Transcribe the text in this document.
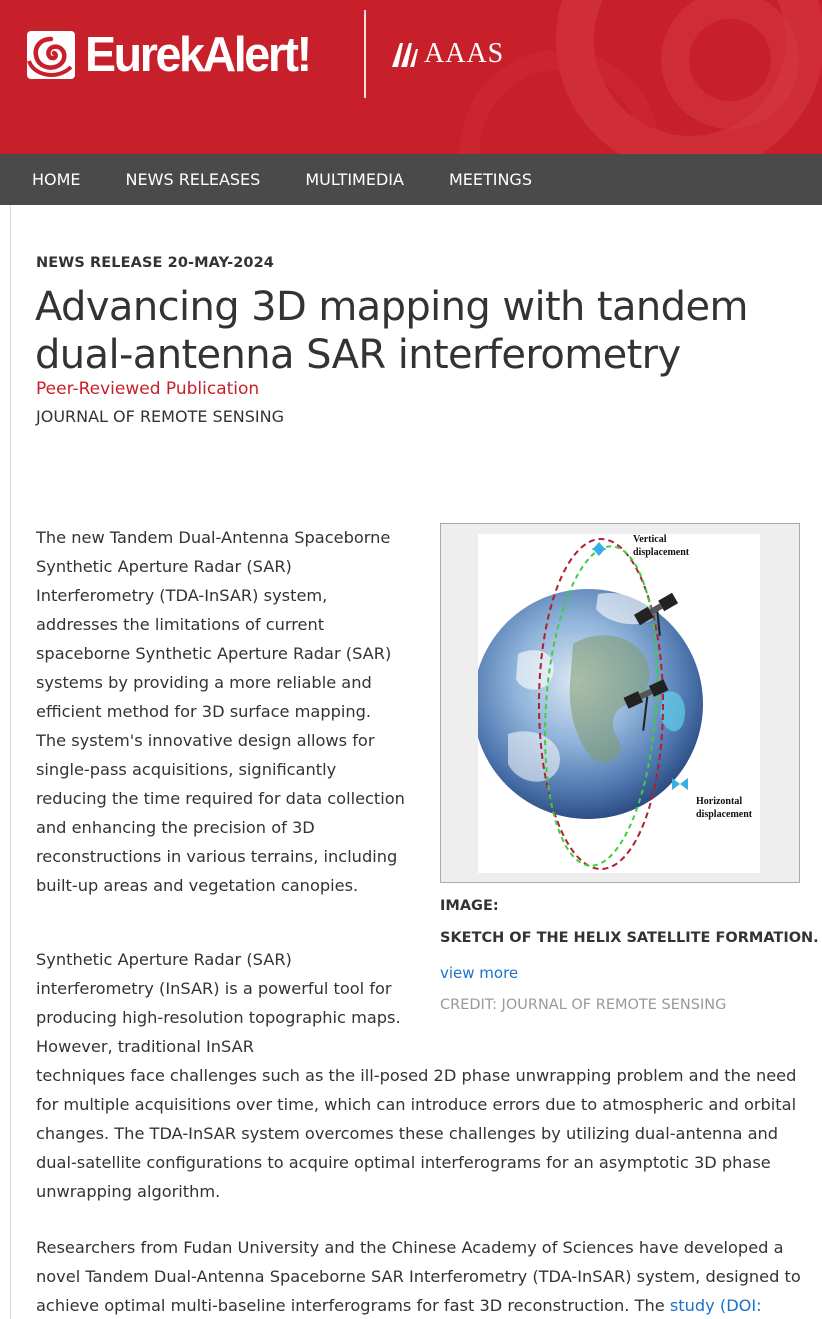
EurekAlert!	AAAS
HOME	NEWS RELEASES	MULTIMEDIA	MEETINGS
NEWS RELEASE 20-MAY-2024
Advancing 3D mapping with tandem dual-antenna SAR interferometry
Peer-Reviewed Publication
JOURNAL OF REMOTE SENSING

The new Tandem Dual-Antenna Spaceborne Synthetic Aperture Radar (SAR) Interferometry (TDA-InSAR) system, addresses the limitations of current spaceborne Synthetic Aperture Radar (SAR) systems by providing a more reliable and efficient method for 3D surface mapping. The system's innovative design allows for single-pass acquisitions, significantly reducing the time required for data collection and enhancing the precision of 3D reconstructions in various terrains, including built-up areas and vegetation canopies.

Synthetic Aperture Radar (SAR) interferometry (InSAR) is a powerful tool for producing high-resolution topographic maps. However, traditional InSAR

techniques face challenges such as the ill-posed 2D phase unwrapping problem and the need for multiple acquisitions over time, which can introduce errors due to atmospheric and orbital changes. The TDA-InSAR system overcomes these challenges by utilizing dual-antenna and dual-satellite configurations to acquire optimal interferograms for an asymptotic 3D phase unwrapping algorithm.

Researchers from Fudan University and the Chinese Academy of Sciences have developed a novel Tandem Dual-Antenna Spaceborne SAR Interferometry (TDA-InSAR) system, designed to achieve optimal multi-baseline interferograms for fast 3D reconstruction. The study (DOI:

Vertical
displacement
Horizontal
displacement
IMAGE:
SKETCH OF THE HELIX SATELLITE FORMATION.
view more
CREDIT: JOURNAL OF REMOTE SENSING
